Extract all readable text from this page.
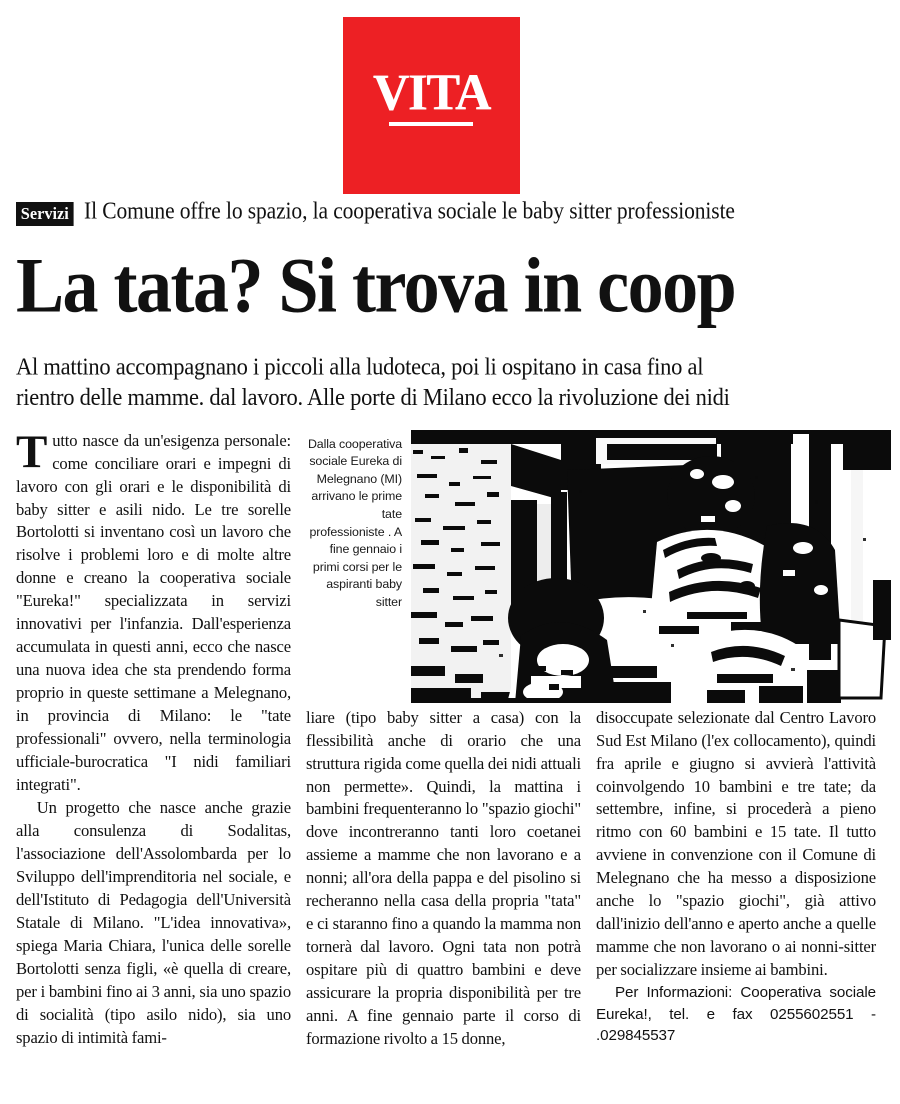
VITA
Servizi Il Comune offre lo spazio, la cooperativa sociale le baby sitter professioniste
La tata? Si trova in coop
Al mattino accompagnano i piccoli alla ludoteca, poi li ospitano in casa fino al
rientro delle mamme. dal lavoro. Alle porte di Milano ecco la rivoluzione dei nidi
Dalla cooperativa sociale Eureka di Melegnano (MI) arrivano le prime tate professioniste . A fine gennaio i primi corsi per le aspiranti baby sitter

Tutto nasce da un'esigenza personale: come conciliare orari e impegni di lavoro con gli orari e le disponibilità di baby sitter e asili nido. Le tre sorelle Bortolotti si inventano così un lavoro che risolve i problemi loro e di molte altre donne e creano la cooperativa sociale "Eureka!" specializzata in servizi innovativi per l'infanzia. Dall'esperienza accumulata in questi anni, ecco che nasce una nuova idea che sta prendendo forma proprio in queste settimane a Melegnano, in provincia di Milano: le "tate professionali" ovvero, nella terminologia ufficiale-burocratica "I nidi familiari integrati".

Un progetto che nasce anche grazie alla consulenza di Sodalitas, l'associazione dell'Assolombarda per lo Sviluppo dell'imprenditoria nel sociale, e dell'Istituto di Pedagogia dell'Università Statale di Milano. "L'idea innovativa», spiega Maria Chiara, l'unica delle sorelle Bortolotti senza figli, «è quella di creare, per i bambini fino ai 3 anni, sia uno spazio di socialità (tipo asilo nido), sia uno spazio di intimità fami-

liare (tipo baby sitter a casa) con la flessibilità anche di orario che una struttura rigida come quella dei nidi attuali non permette». Quindi, la mattina i bambini frequenteranno lo "spazio giochi" dove incontreranno tanti loro coetanei assieme a mamme che non lavorano e a nonni; all'ora della pappa e del pisolino si recheranno nella casa della propria "tata" e ci staranno fino a quando la mamma non tornerà dal lavoro. Ogni tata non potrà ospitare più di quattro bambini e deve assicurare la propria disponibilità per tre anni. A fine gennaio parte il corso di formazione rivolto a 15 donne,

disoccupate selezionate dal Centro Lavoro Sud Est Milano (l'ex collocamento), quindi fra aprile e giugno si avvierà l'attività coinvolgendo 10 bambini e tre tate; da settembre, infine, si procederà a pieno ritmo con 60 bambini e 15 tate. Il tutto avviene in convenzione con il Comune di Melegnano che ha messo a disposizione anche lo "spazio giochi", già attivo dall'inizio dell'anno e aperto anche a quelle mamme che non lavorano o ai nonni-sitter per socializzare insieme ai bambini.

Per Informazioni: Cooperativa sociale Eureka!, tel. e fax 0255602551 - .029845537
